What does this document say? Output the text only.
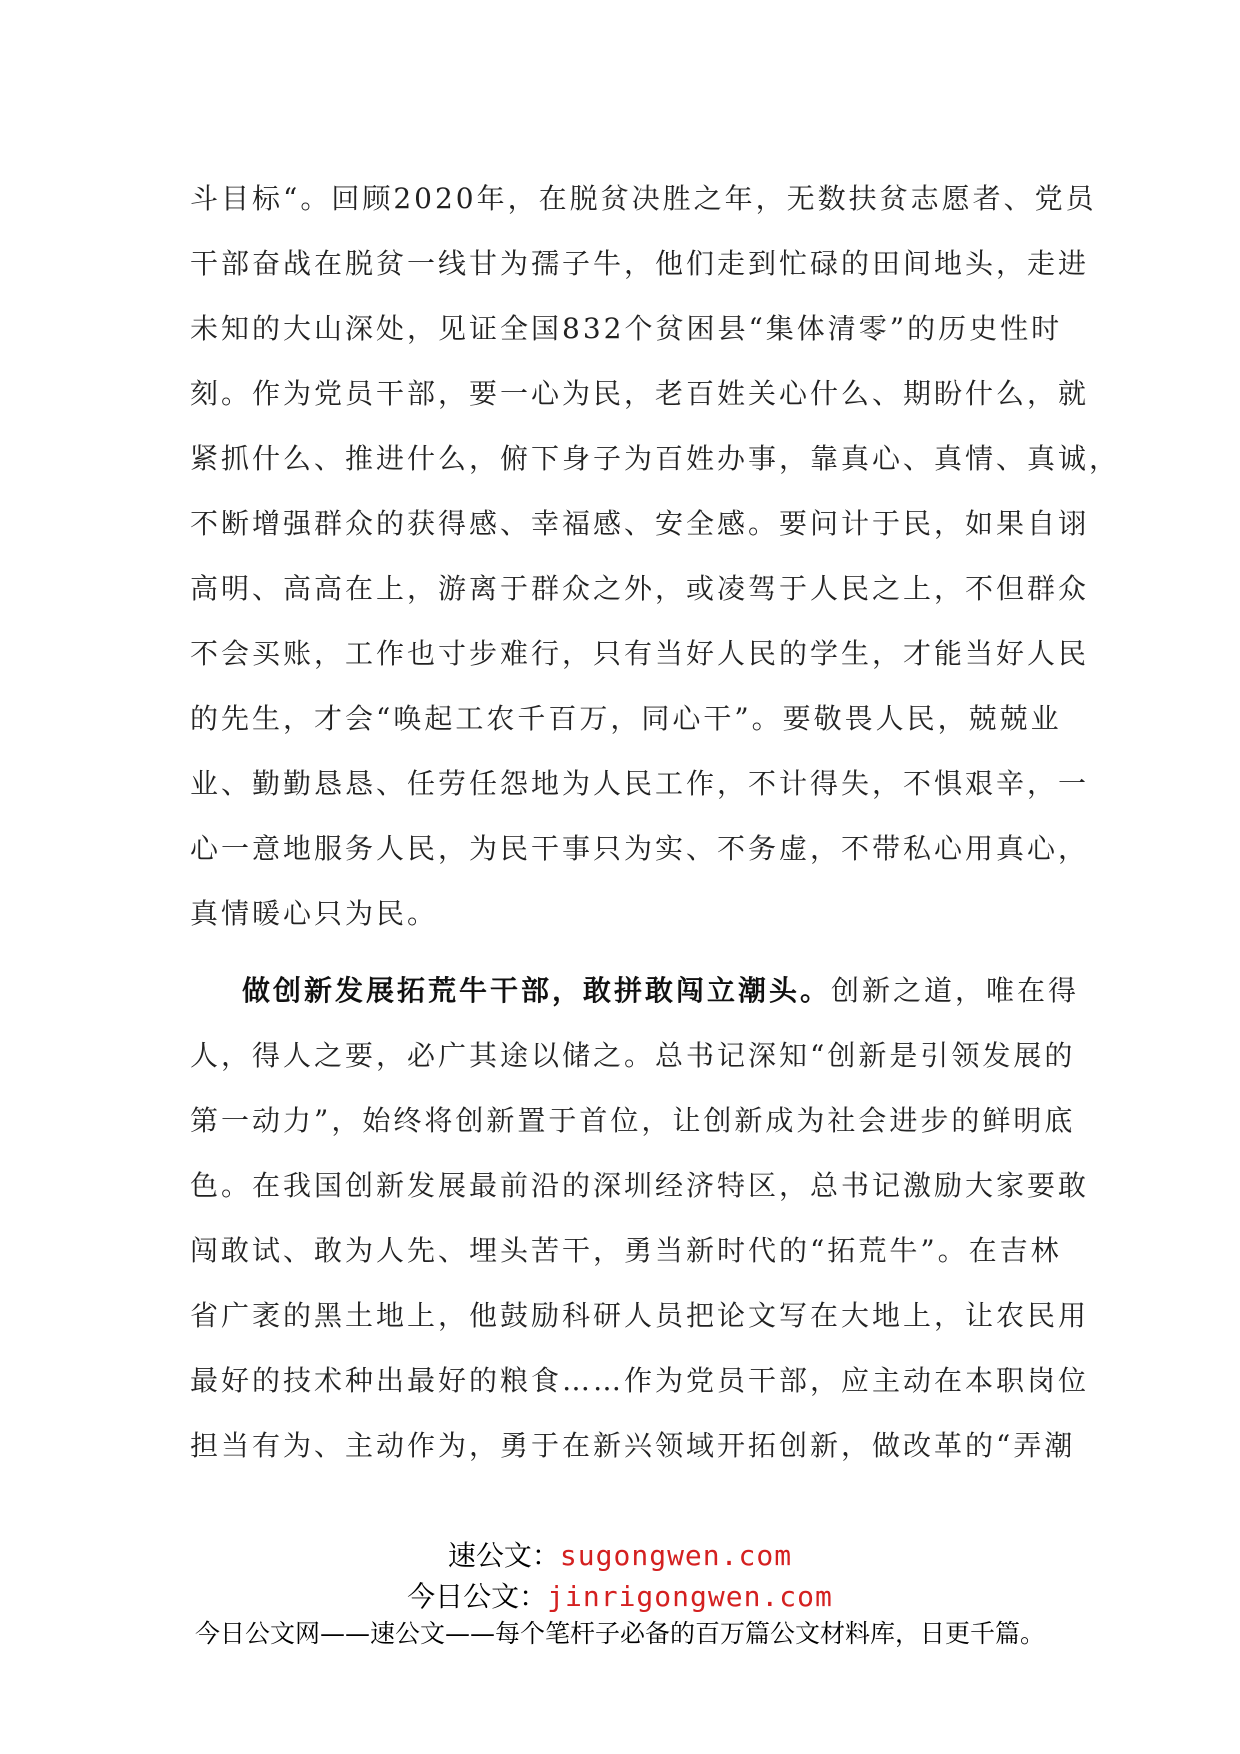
斗目标“。回顾2020年，在脱贫决胜之年，无数扶贫志愿者、党员
干部奋战在脱贫一线甘为孺子牛，他们走到忙碌的田间地头，走进
未知的大山深处，见证全国832个贫困县“集体清零”的历史性时
刻。作为党员干部，要一心为民，老百姓关心什么、期盼什么，就
紧抓什么、推进什么，俯下身子为百姓办事，靠真心、真情、真诚，
不断增强群众的获得感、幸福感、安全感。要问计于民，如果自诩
高明、高高在上，游离于群众之外，或凌驾于人民之上，不但群众
不会买账，工作也寸步难行，只有当好人民的学生，才能当好人民
的先生，才会“唤起工农千百万，同心干”。要敬畏人民，兢兢业
业、勤勤恳恳、任劳任怨地为人民工作，不计得失，不惧艰辛，一
心一意地服务人民，为民干事只为实、不务虚，不带私心用真心，
真情暖心只为民。
做创新发展拓荒牛干部，敢拼敢闯立潮头。创新之道，唯在得
人，得人之要，必广其途以储之。总书记深知“创新是引领发展的
第一动力”，始终将创新置于首位，让创新成为社会进步的鲜明底
色。在我国创新发展最前沿的深圳经济特区，总书记激励大家要敢
闯敢试、敢为人先、埋头苦干，勇当新时代的“拓荒牛”。在吉林
省广袤的黑土地上，他鼓励科研人员把论文写在大地上，让农民用
最好的技术种出最好的粮食……作为党员干部，应主动在本职岗位
担当有为、主动作为，勇于在新兴领域开拓创新，做改革的“弄潮
速公文：sugongwen.com
今日公文：jinrigongwen.com
今日公文网——速公文——每个笔杆子必备的百万篇公文材料库，日更千篇。
